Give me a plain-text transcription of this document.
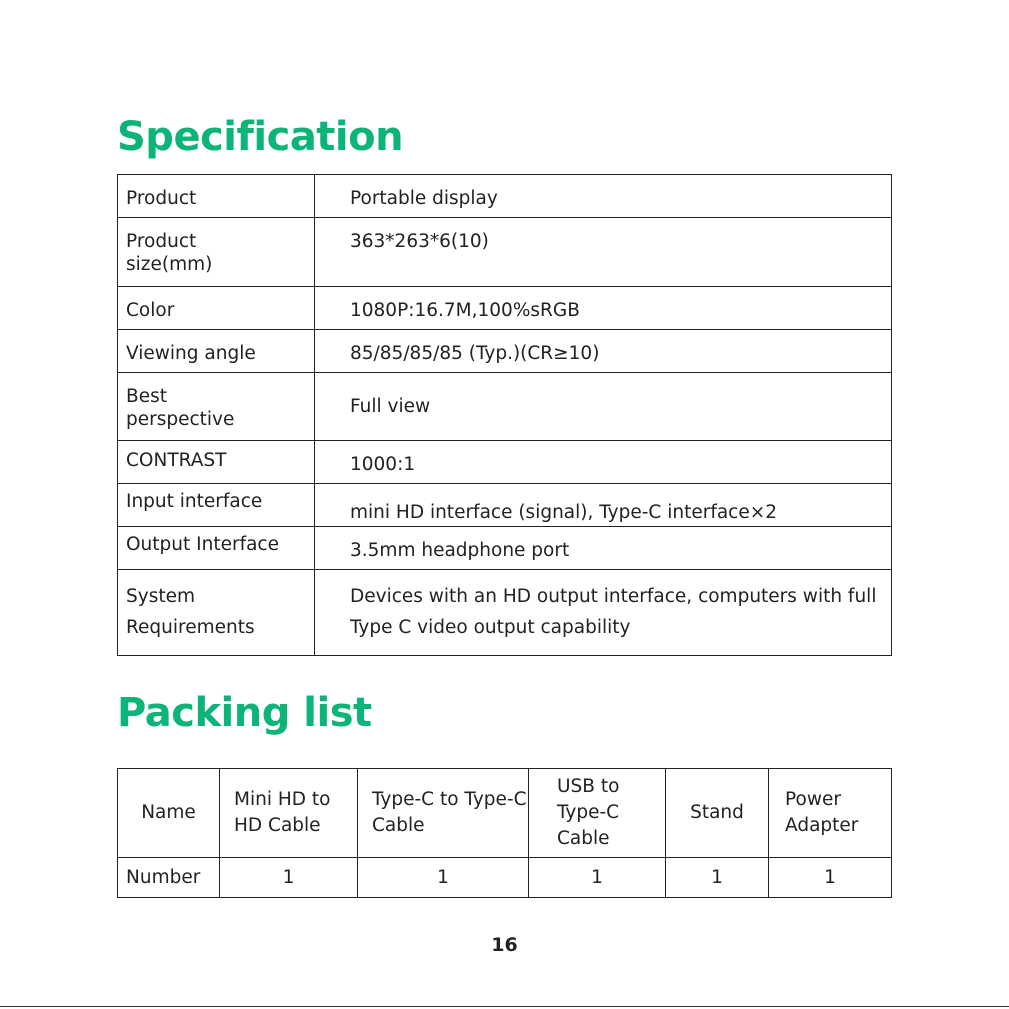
Specification
Product	Portable display

Product size(mm)	363*263*6(10)
Color	1080P:16.7M,100%sRGB
Viewing angle	85/85/85/85 (Typ.)(CR≥10)

Best perspective	Full view
CONTRAST	1000:1
Input interface	mini HD interface (signal), Type-C interface×2
Output Interface	3.5mm headphone port

System Requirements	Devices with an HD output interface, computers with full Type C video output capability
Packing list
Name	Mini HD to HD Cable	Type-C to Type-C Cable	USB to Type-C Cable	Stand	Power Adapter

Number	1	1	1	1	1
16
